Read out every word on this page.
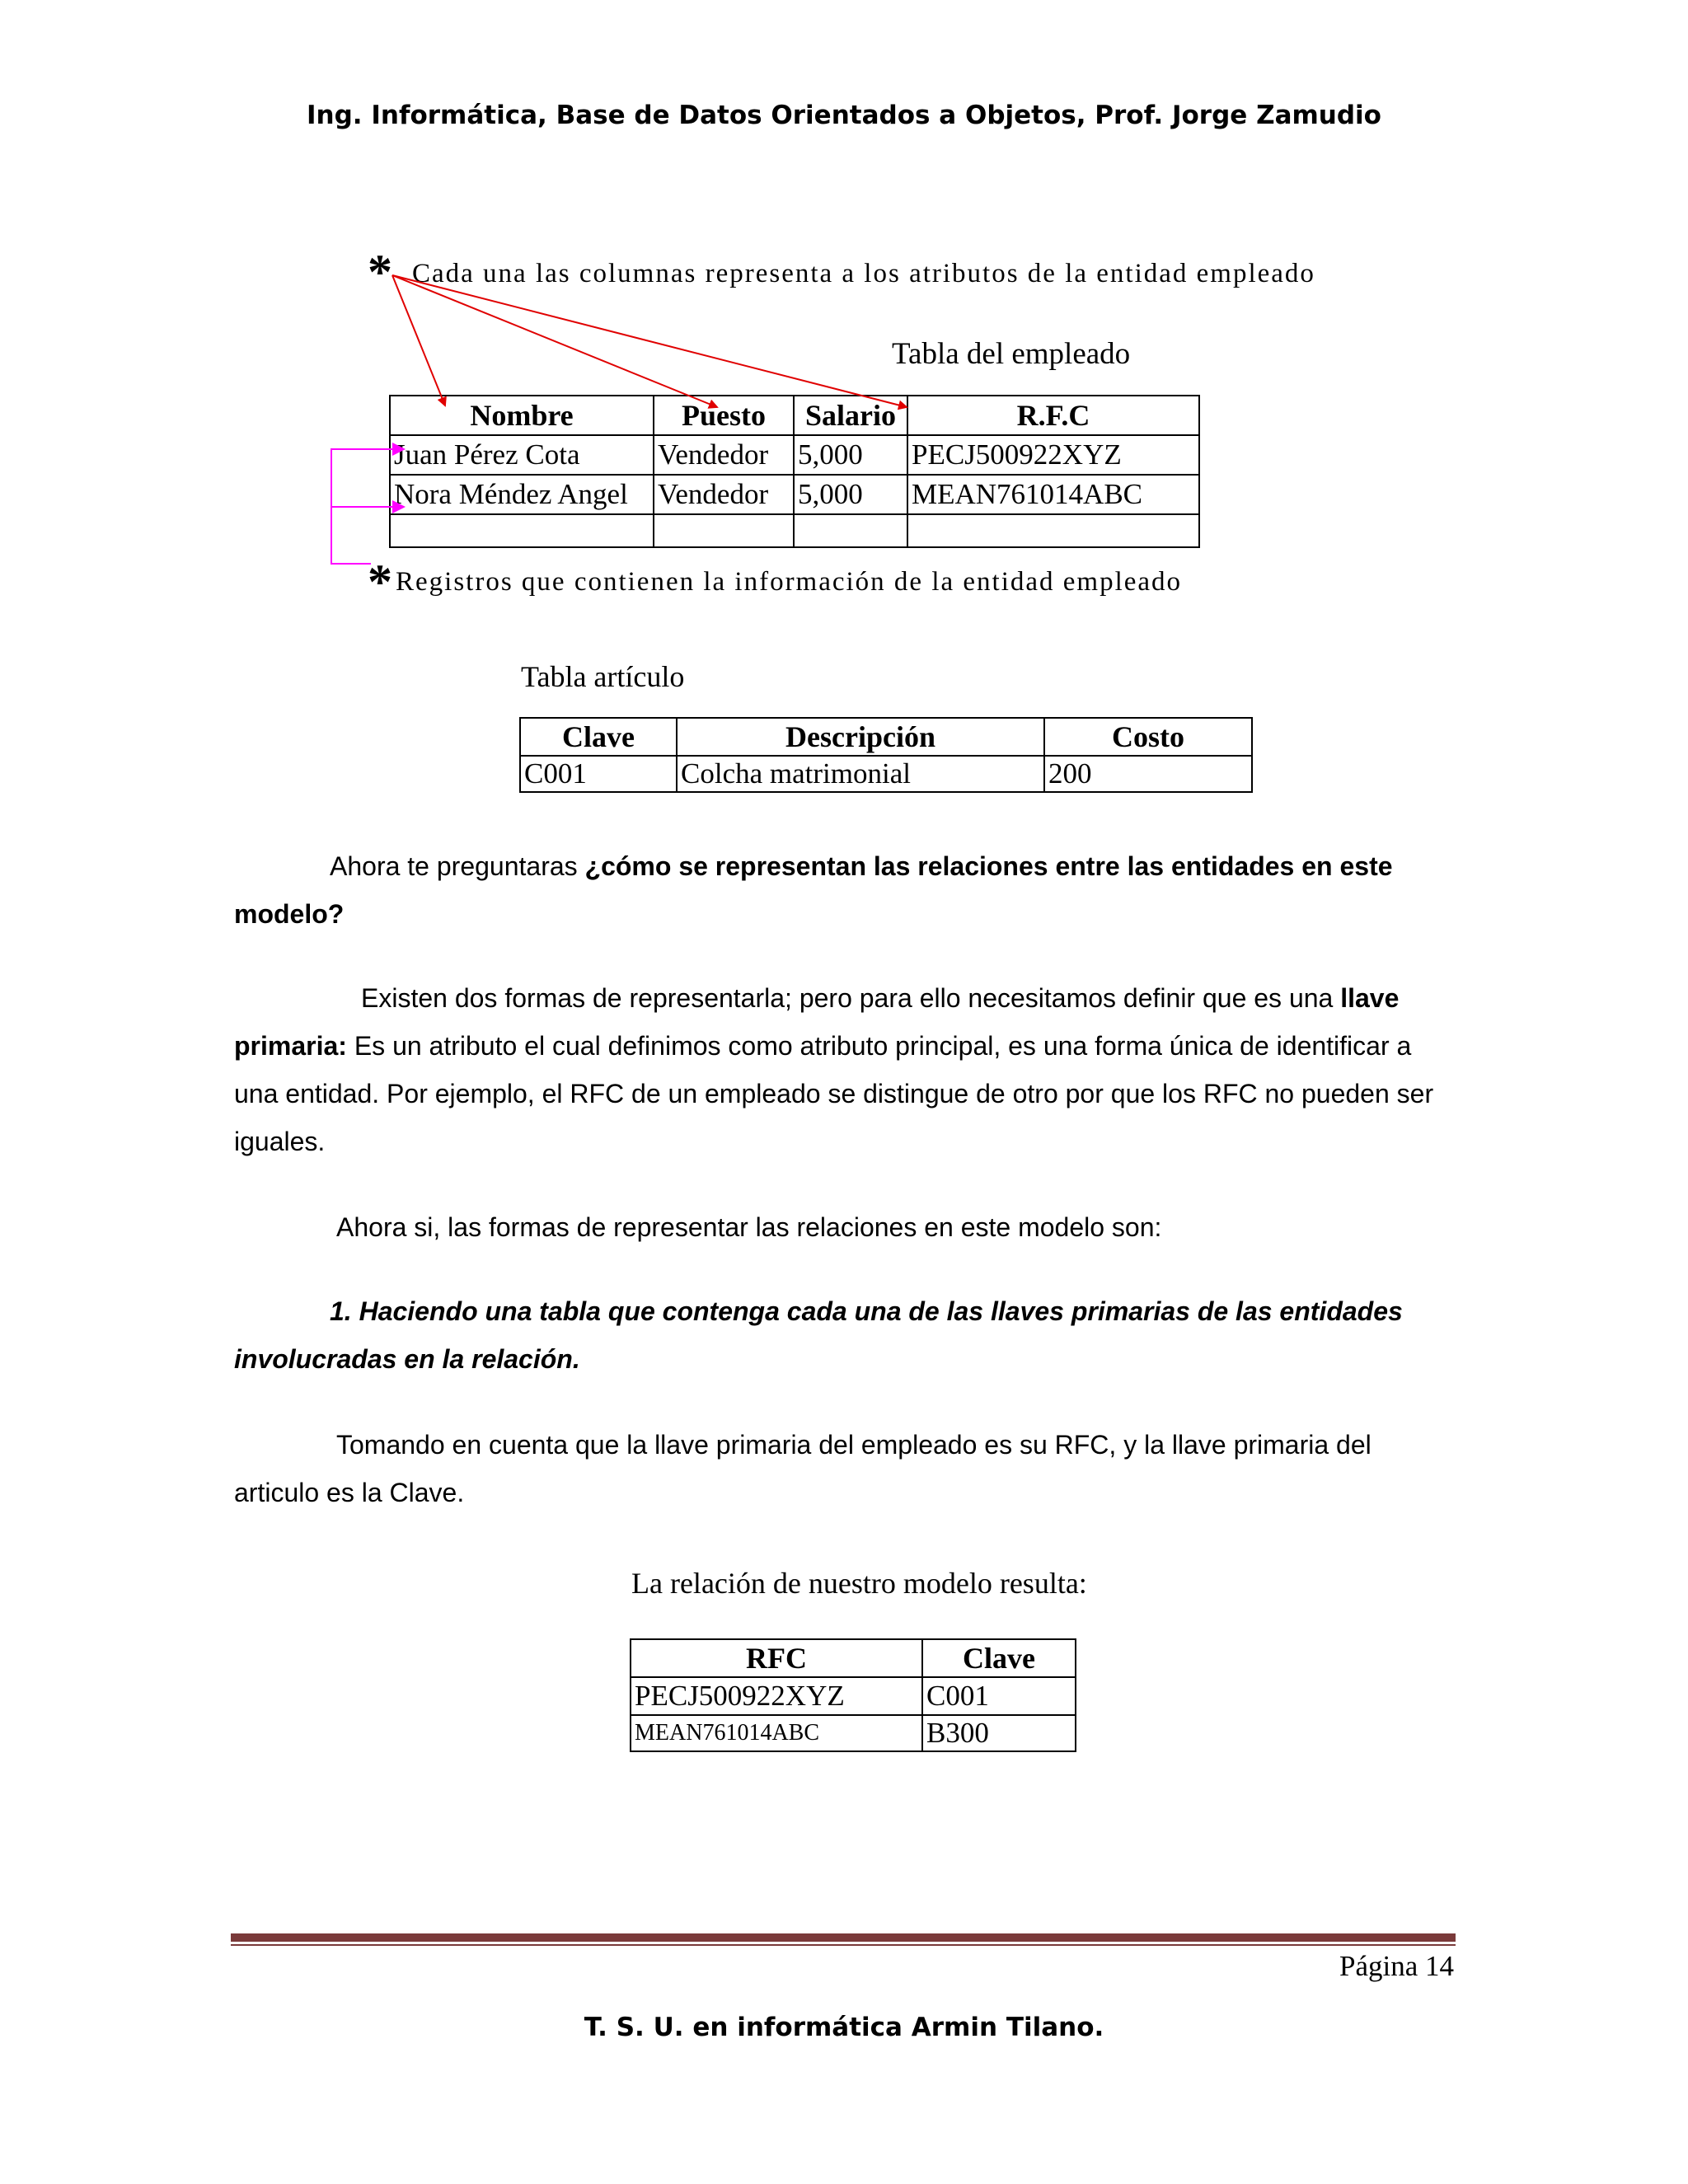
Ing. Informática, Base de Datos Orientados a Objetos, Prof. Jorge Zamudio
* Cada una las columnas representa a los atributos de la entidad empleado
Tabla del empleado
Nombre	Puesto	Salario	R.F.C
Juan Pérez Cota	Vendedor	5,000	PECJ500922XYZ
Nora Méndez Angel	Vendedor	5,000	MEAN761014ABC

* Registros que contienen la información de la entidad empleado
Tabla artículo
Clave	Descripción	Costo
C001	Colcha matrimonial	200
Ahora te preguntaras ¿cómo se representan las relaciones entre las entidades en este modelo?
Existen dos formas de representarla; pero para ello necesitamos definir que es una llave primaria: Es un atributo el cual definimos como atributo principal, es una forma única de identificar a una entidad. Por ejemplo, el RFC de un empleado se distingue de otro por que los RFC no pueden ser iguales.
Ahora si, las formas de representar las relaciones en este modelo son:
1. Haciendo una tabla que contenga cada una de las llaves primarias de las entidades involucradas en la relación.
Tomando en cuenta que la llave primaria del empleado es su RFC, y la llave primaria del articulo es la Clave.
La relación de nuestro modelo resulta:
RFC	Clave
PECJ500922XYZ	C001
MEAN761014ABC	B300
Página 14
T. S. U. en informática Armin Tilano.
